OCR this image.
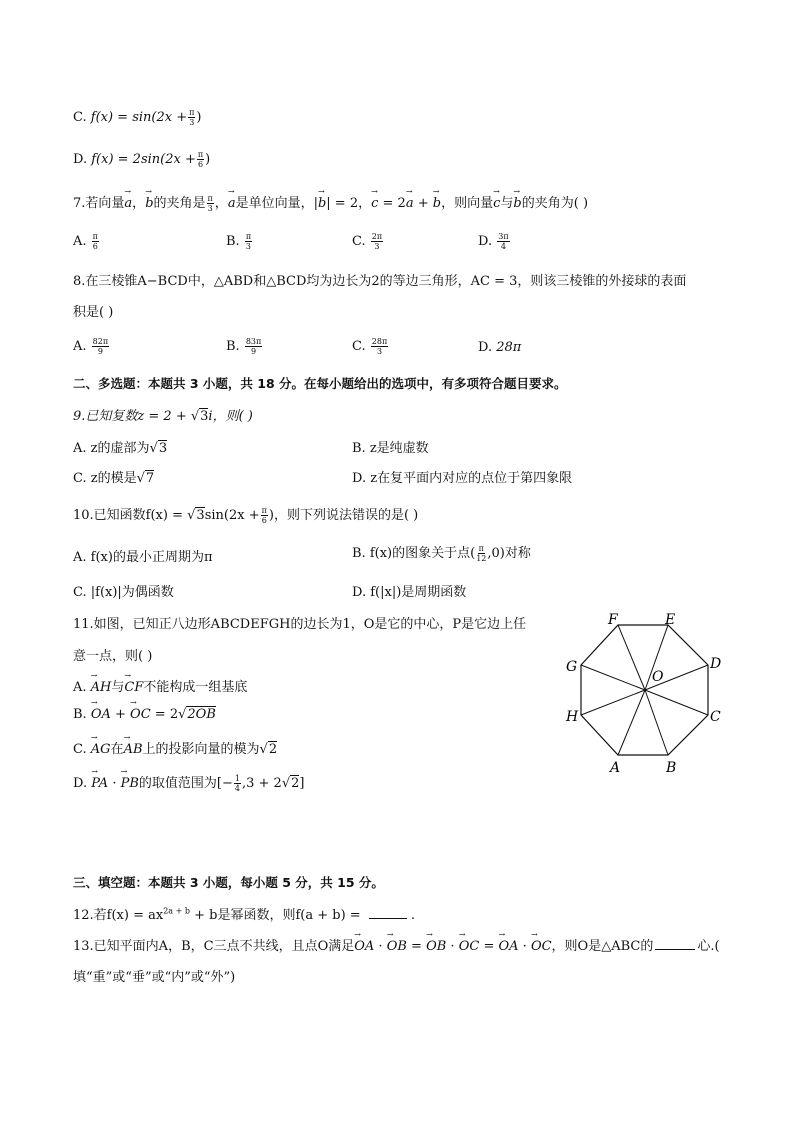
C. $f(x) = \sin(2x + \frac{\pi}{3}$ )
D. $f(x) = 2\sin(2x + \frac{\pi}{6}$ )
7.若向量→ a，→ b的夹角是 $\frac{\pi}{3}$ ，→ a是单位向量，|→ b| = 2，→ c = 2→ a + → b，则向量→ c与→ b的夹角为( )
A. $\frac{\pi}{6}$	B. $\frac{\pi}{3}$	C. $\frac{2\pi}{3}$	D. $\frac{3\pi}{4}$
8.在三棱锥A−BCD中，△ABD和△BCD均为边长为2的等边三角形，AC = 3，则该三棱锥的外接球的表面
积是( )
A. $\frac{82\pi}{9}$	B. $\frac{83\pi}{9}$	C. $\frac{28\pi}{3}$	D. 28π
二、多选题：本题共 3 小题，共 18 分。在每小题给出的选项中，有多项符合题目要求。
9.已知复数z = 2 + √3i，则( )
A. z的虚部为√3	B. z是纯虚数
C. z的模是√7	D. z在复平面内对应的点位于第四象限
10.已知函数$f(x) = √3\sin(2x + \frac{\pi}{6}$ )，则下列说法错误的是( )
A. f(x)的最小正周期为π	B. f(x)的图象关于点( $\frac{\pi}{12} ,0$)对称
C. |f(x)|为偶函数	D. f(|x|)是周期函数
11.如图，已知正八边形ABCDEFGH的边长为1，O是它的中心，P是它边上任
意一点，则( )
A. → AH与→ CF不能构成一组基底
B. → OA + → OC = 2√2OB
C. → AG在→ AB上的投影向量的模为√2
D. → PA · → PB的取值范围为[− $\frac{1}{4} ,3 + 2√2$]
A	B
C
D
E
F
G
H
O
三、填空题：本题共 3 小题，每小题 5 分，共 15 分。
12.若$f(x) = ax^{2a + b} + b$是幂函数，则f(a + b) =	.
13.已知平面内A，B，C三点不共线，且点O满足→ OA · → OB = → OB · → OC = → OA · → OC，则O是△ABC的	心.(
填“重”或“垂”或“内”或“外”)
